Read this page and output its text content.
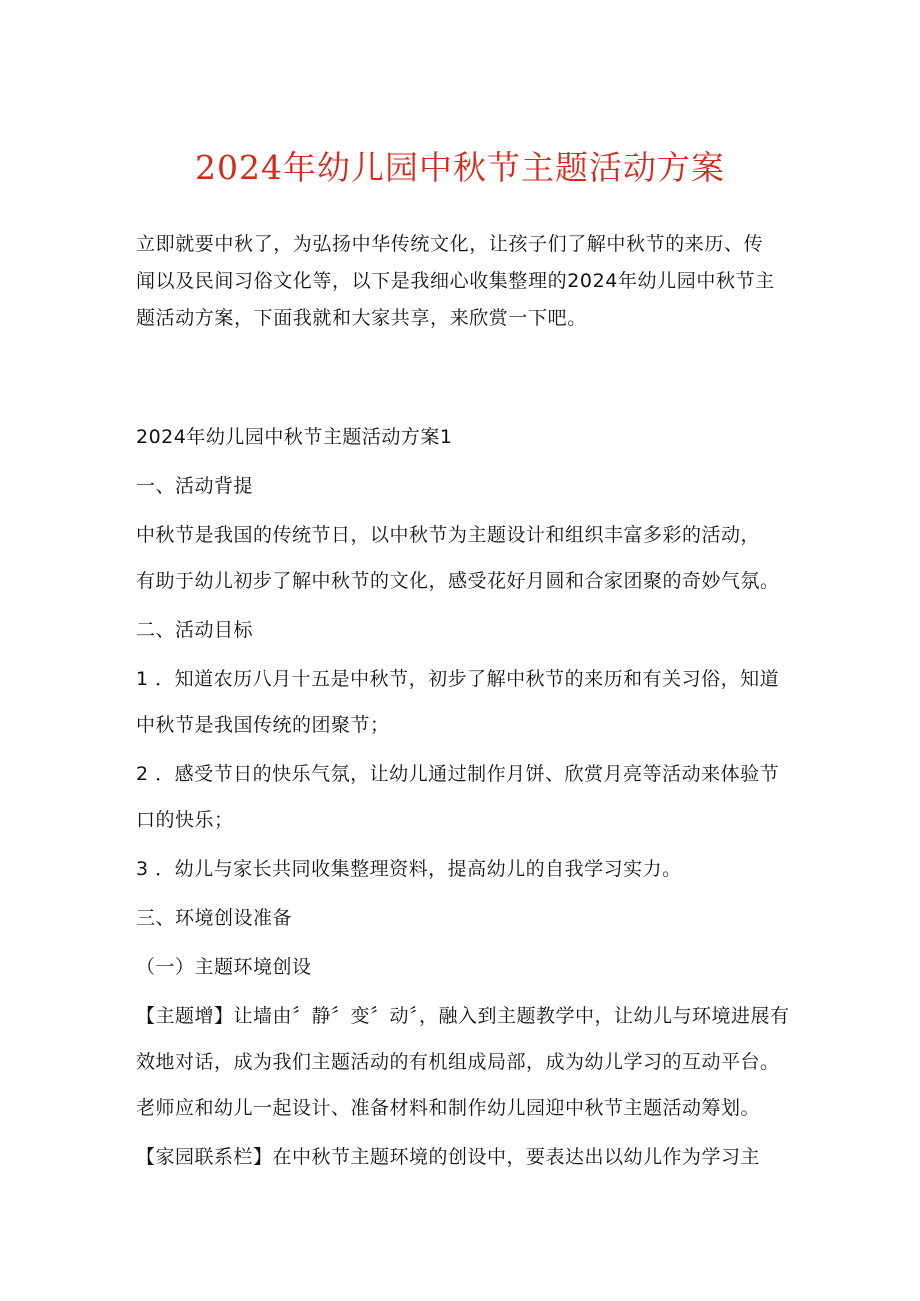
2024年幼儿园中秋节主题活动方案

立即就要中秋了，为弘扬中华传统文化，让孩子们了解中秋节的来历、传

闻以及民间习俗文化等，以下是我细心收集整理的2024年幼儿园中秋节主

题活动方案，下面我就和大家共享，来欣赏一下吧。

2024年幼儿园中秋节主题活动方案1

一、活动背提

中秋节是我国的传统节日，以中秋节为主题设计和组织丰富多彩的活动，

有助于幼儿初步了解中秋节的文化，感受花好月圆和合家团聚的奇妙气氛。

二、活动目标

1 ．知道农历八月十五是中秋节，初步了解中秋节的来历和有关习俗，知道

中秋节是我国传统的团聚节；

2 ．感受节日的快乐气氛，让幼儿通过制作月饼、欣赏月亮等活动来体验节

口的快乐；

3 ．幼儿与家长共同收集整理资料，提高幼儿的自我学习实力。

三、环境创设准备

（一）主题环境创设

【主题增】让墙由〞静〞变〞动〞，融入到主题教学中，让幼儿与环境进展有

效地对话，成为我们主题活动的有机组成局部，成为幼儿学习的互动平台。

老师应和幼儿一起设计、准备材料和制作幼儿园迎中秋节主题活动筹划。

【家园联系栏】在中秋节主题环境的创设中，要表达出以幼儿作为学习主
